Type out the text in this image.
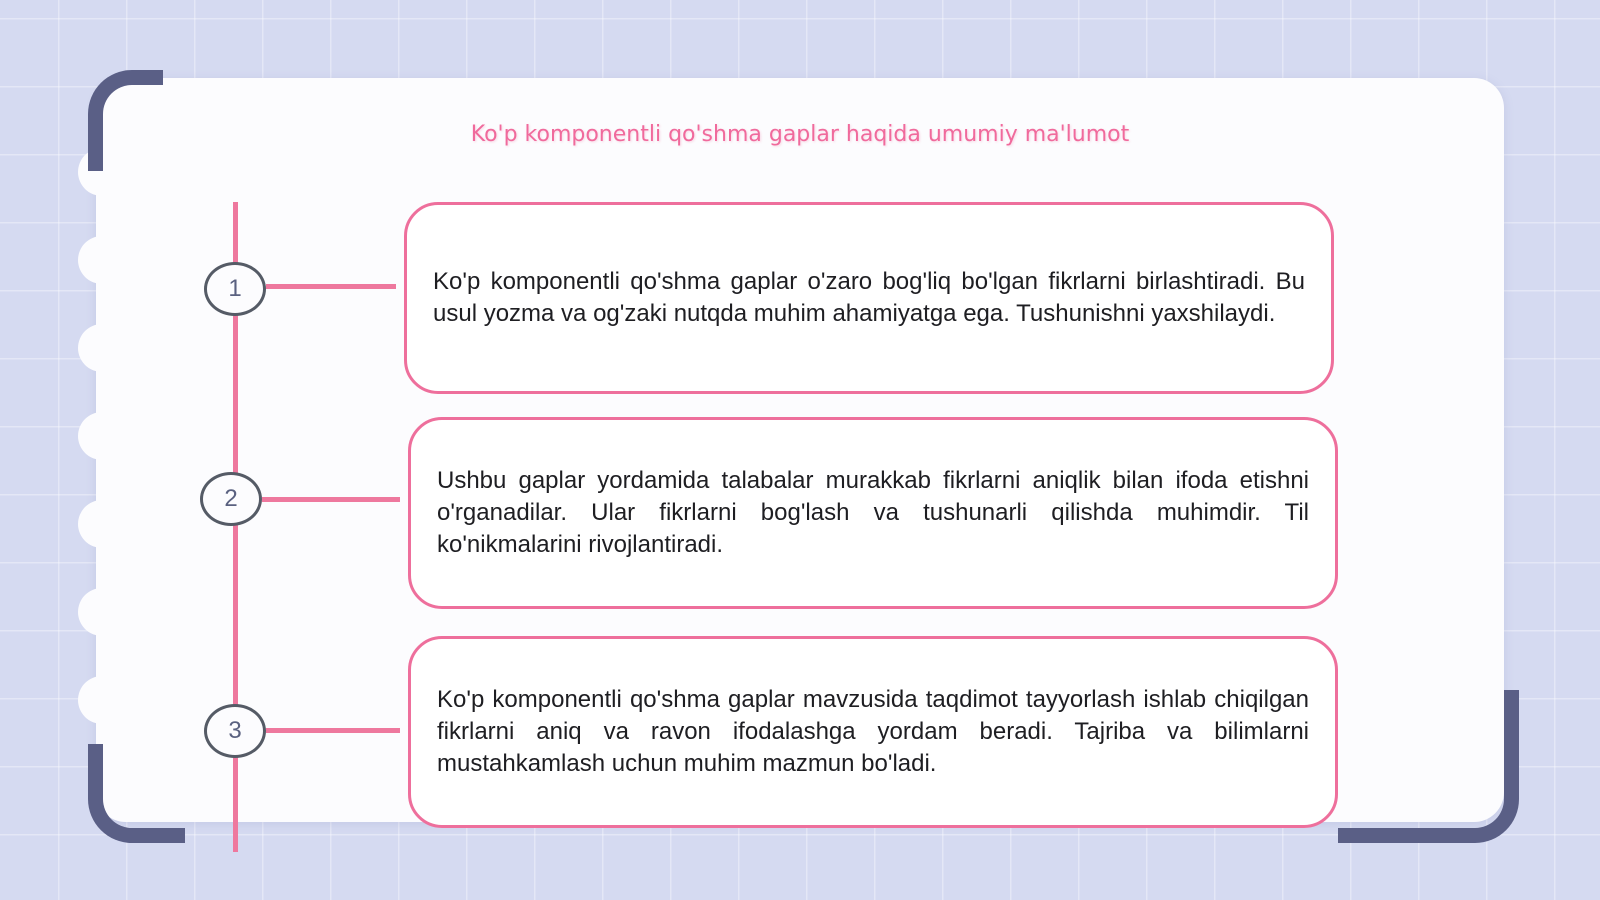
Ko'p komponentli qo'shma gaplar haqida umumiy ma'lumot
1	Ko'p komponentli qo'shma gaplar o'zaro bog'liq bo'lgan fikrlarni birlashtiradi. Bu usul yozma va og'zaki nutqda muhim ahamiyatga ega. Tushunishni yaxshilaydi.

2

Ushbu gaplar yordamida talabalar murakkab fikrlarni aniqlik bilan ifoda etishni o'rganadilar. Ular fikrlarni bog'lash va tushunarli qilishda muhimdir. Til ko'nikmalarini rivojlantiradi.

3

Ko'p komponentli qo'shma gaplar mavzusida taqdimot tayyorlash ishlab chiqilgan fikrlarni aniq va ravon ifodalashga yordam beradi. Tajriba va bilimlarni mustahkamlash uchun muhim mazmun bo'ladi.
